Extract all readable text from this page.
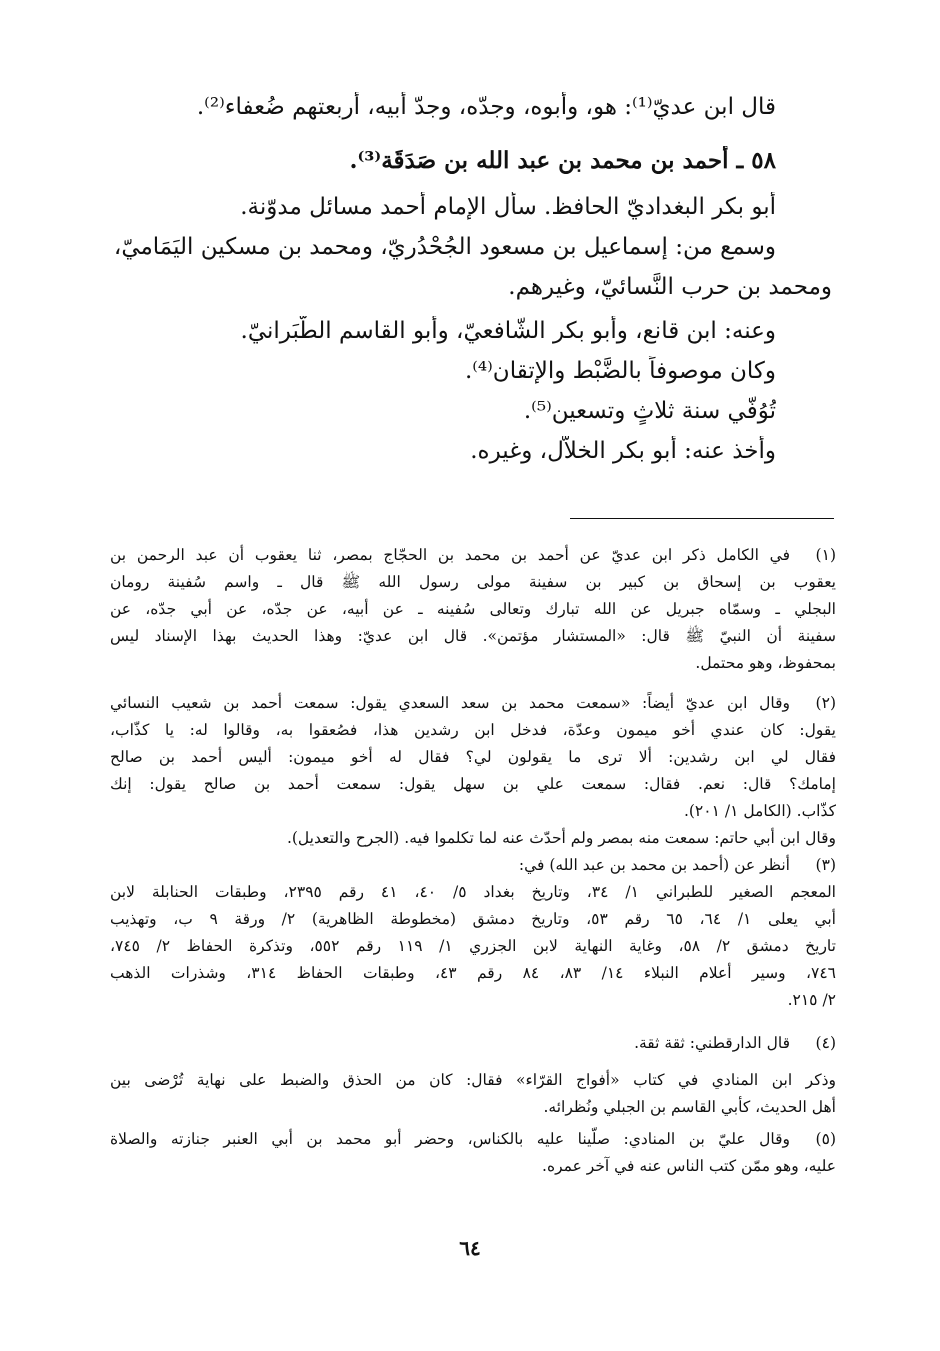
قال ابن عديّ⁽¹⁾: هو، وأبوه، وجدّه، وجدّ أبيه، أربعتهم ضُعفاء⁽²⁾.
٥٨ ـ أحمد بن محمد بن عبد الله بن صَدَقَة⁽³⁾.
أبو بكر البغداديّ الحافظ. سأل الإمام أحمد مسائل مدوّنة.
وسمع من: إسماعيل بن مسعود الجُحْدُريّ، ومحمد بن مسكين اليَمَاميّ،
ومحمد بن حرب النَّسائيّ، وغيرهم.
وعنه: ابن قانع، وأبو بكر الشّافعيّ، وأبو القاسم الطَّبَرانيّ.
وكان موصوفاً بالضَّبْط والإتقان⁽⁴⁾.
تُوُفّي سنة ثلاثٍ وتسعين⁽⁵⁾.
وأخذ عنه: أبو بكر الخلاّل، وغيره.
(١)
في الكامل ذكر ابن عديّ عن أحمد بن محمد بن الحجّاج بمصر، ثنا يعقوب أن عبد الرحمن بن
يعقوب بن إسحاق بن كبير بن سفينة مولى رسول الله ﷺ قال ـ واسم سُفينة رومان
البجلي ـ وسمّاه جبريل عن الله تبارك وتعالى سُفينه ـ عن أبيه، عن جدّه، عن أبي جدّه، عن
سفينة أن النبيّ ﷺ قال: «المستشار مؤتمن». قال ابن عديّ: وهذا الحديث بهذا الإسناد ليس
بمحفوظ، وهو محتمل.
(٢)
وقال ابن عديّ أيضاً: «سمعت محمد بن سعد السعدي يقول: سمعت أحمد بن شعيب النسائي
يقول: كان عندي أخو ميمون وعدّة، فدخل ابن رشدين هذا، فصُعقوا به، وقالوا له: يا كذّاب،
فقال لي ابن رشدين: ألا ترى ما يقولون لي؟ فقال له أخو ميمون: أليس أحمد بن صالح
إمامك؟ قال: نعم. فقال: سمعت علي بن سهل يقول: سمعت أحمد بن صالح يقول: إنك
كذّاب. (الكامل ١/ ٢٠١).
وقال ابن أبي حاتم: سمعت منه بمصر ولم أحدّث عنه لما تكلموا فيه. (الجرح والتعديل).
(٣)
أنظر عن (أحمد بن محمد بن عبد الله) في:
المعجم الصغير للطبراني ١/ ٣٤، وتاريخ بغداد ٥/ ٤٠، ٤١ رقم ٢٣٩٥، وطبقات الحنابلة لابن
أبي يعلى ١/ ٦٤، ٦٥ رقم ٥٣، وتاريخ دمشق (مخطوطة الظاهرية) ٢/ ورقة ٩ ب، وتهذيب
تاريخ دمشق ٢/ ٥٨، وغاية النهاية لابن الجزري ١/ ١١٩ رقم ٥٥٢، وتذكرة الحفاظ ٢/ ٧٤٥،
٧٤٦، وسير أعلام النبلاء ١٤/ ٨٣، ٨٤ رقم ٤٣، وطبقات الحفاظ ٣١٤، وشذرات الذهب
٢/ ٢١٥.
(٤)
قال الدارقطني: ثقة ثقة.
وذكر ابن المنادي في كتاب «أفواج القرّاء» فقال: كان من الحذق والضبط على نهاية تُرْضى بين
أهل الحديث، كأبي القاسم بن الجبلي ونُظرائه.
(٥)
وقال عليّ بن المنادي: صلّينا عليه بالكناس، وحضر أبو محمد بن أبي العنبر جنازته والصلاة
عليه، وهو ممّن كتب الناس عنه في آخر عمره.
٦٤
